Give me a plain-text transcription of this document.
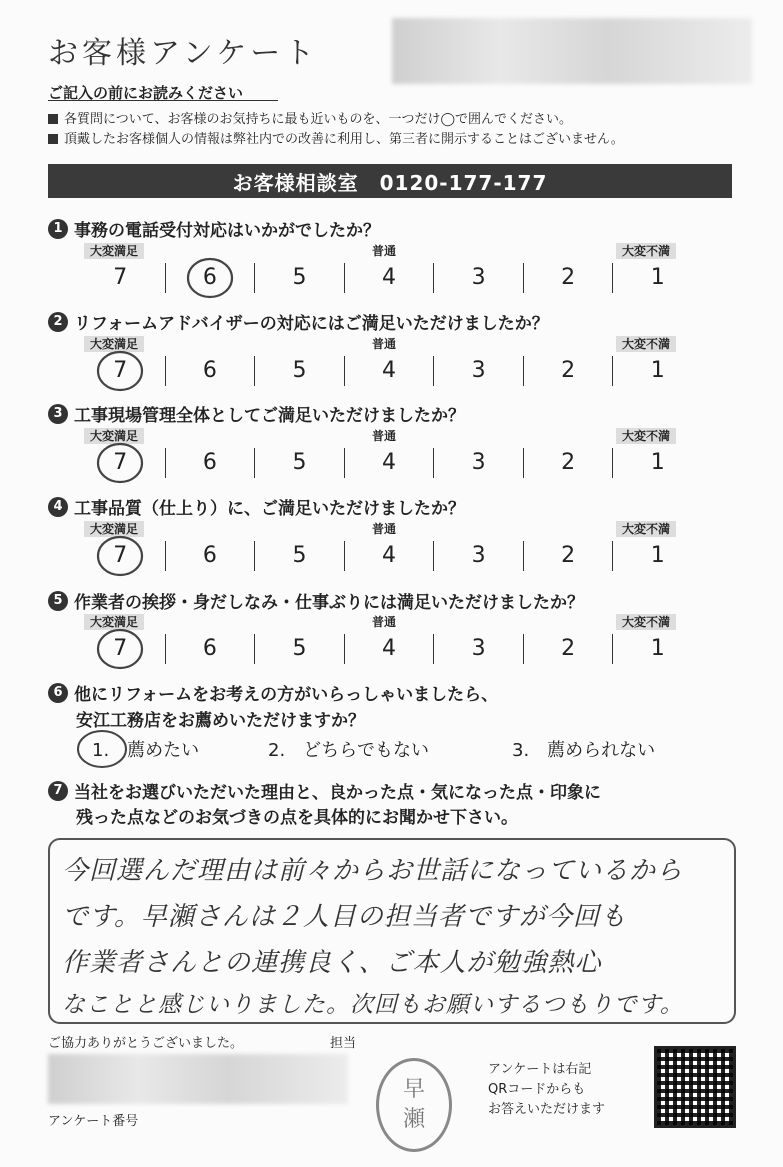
お客様アンケート
ご記入の前にお読みください
各質問について、お客様のお気持ちに最も近いものを、一つだけ◯で囲んでください。
頂戴したお客様個人の情報は弊社内での改善に利用し、第三者に開示することはございません。
お客様相談室　0120-177-177
1 事務の電話受付対応はいかがでしたか？
大変満足	普通	大変不満
7	6	5	4	3	2	1
2 リフォームアドバイザーの対応にはご満足いただけましたか？
大変満足	普通	大変不満
7	6	5	4	3	2	1
3 工事現場管理全体としてご満足いただけましたか？
大変満足	普通	大変不満
7	6	5	4	3	2	1
4 工事品質（仕上り）に、ご満足いただけましたか？
大変満足	普通	大変不満
7	6	5	4	3	2	1
5 作業者の挨拶・身だしなみ・仕事ぶりには満足いただけましたか？
大変満足	普通	大変不満
7	6	5	4	3	2	1
6 他にリフォームをお考えの方がいらっしゃいましたら、
安江工務店をお薦めいただけますか？
1.　薦めたい	2.　どちらでもない	3.　薦められない
7 当社をお選びいただいた理由と、良かった点・気になった点・印象に
残った点などのお気づきの点を具体的にお聞かせ下さい。
今回選んだ理由は前々からお世話になっているから
です。早瀬さんは２人目の担当者ですが今回も
作業者さんとの連携良く、ご本人が勉強熱心
なことと感じいりました。次回もお願いするつもりです。
ご協力ありがとうございました。	担当
アンケート番号
早
瀬
アンケートは右記
QRコードからも
お答えいただけます
